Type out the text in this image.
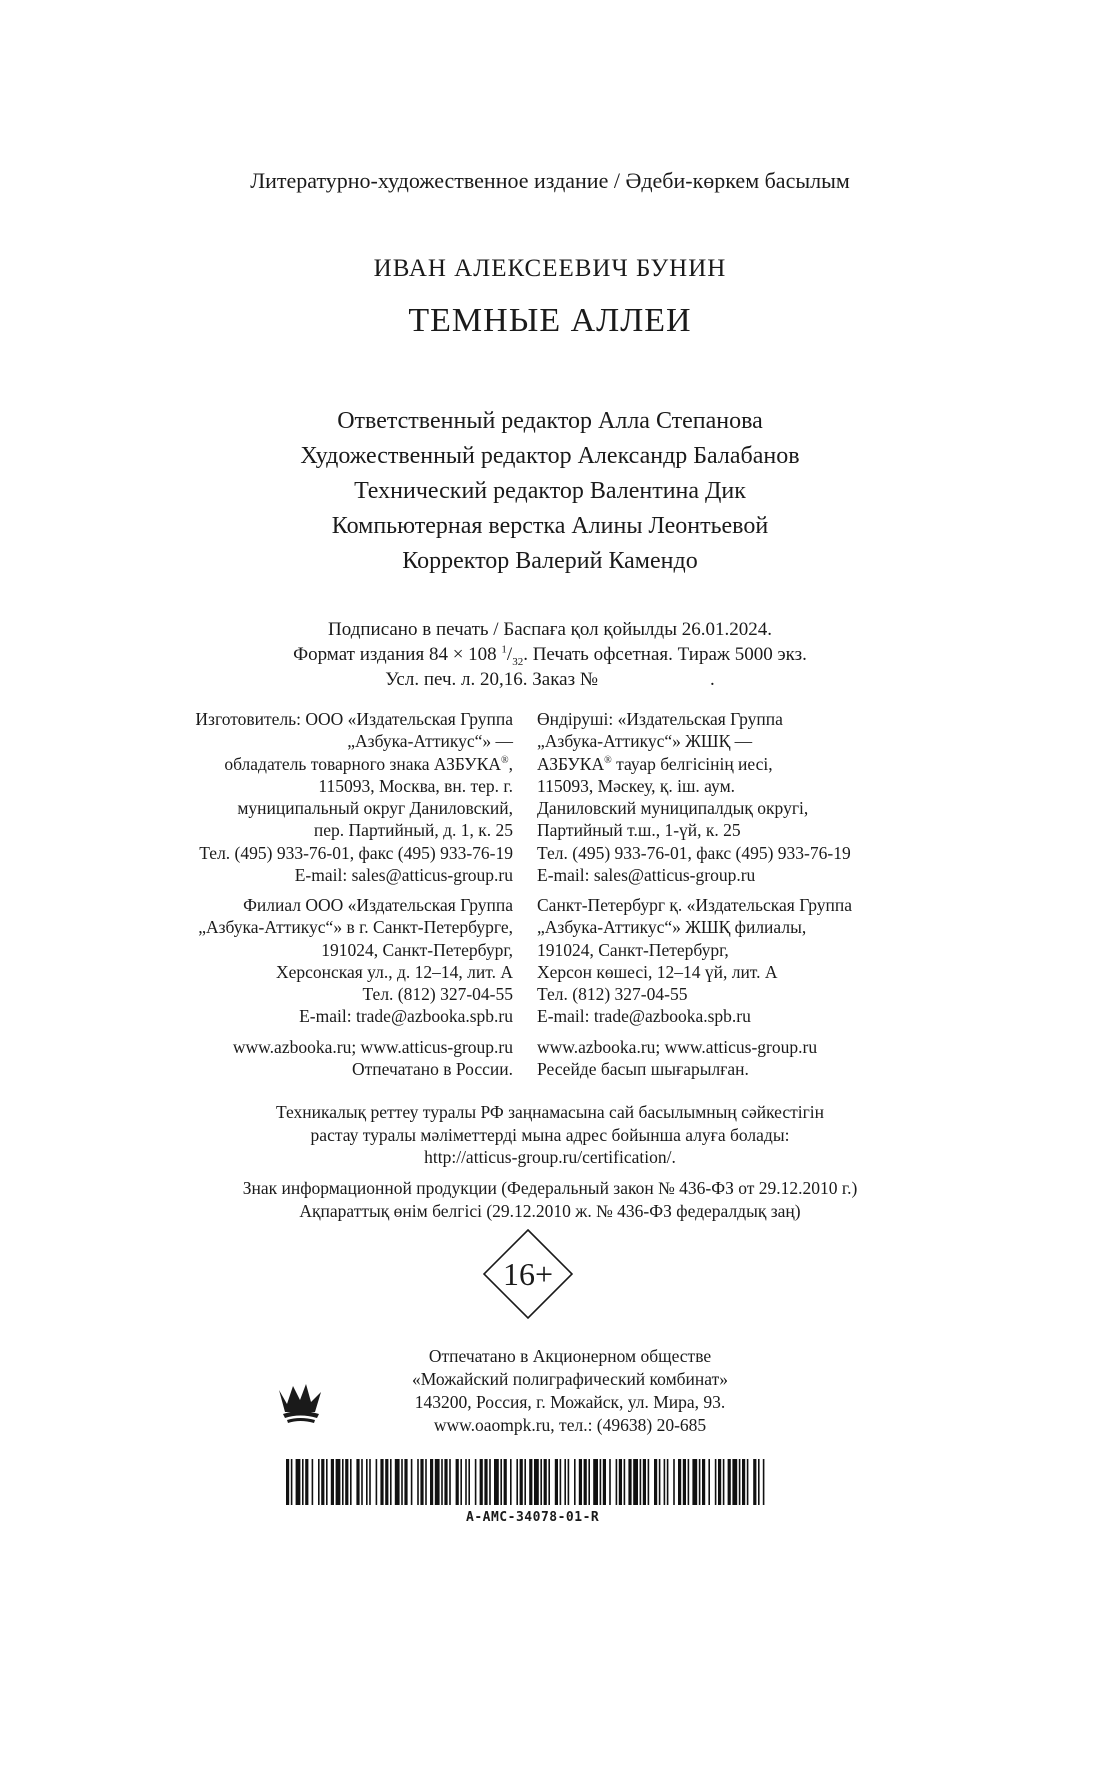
Литературно-художественное издание / Әдеби-көркем басылым
ИВАН АЛЕКСЕЕВИЧ БУНИН
ТЕМНЫЕ АЛЛЕИ
Ответственный редактор Алла Степанова
Художественный редактор Александр Балабанов
Технический редактор Валентина Дик
Компьютерная верстка Алины Леонтьевой
Корректор Валерий Камендо
Подписано в печать / Баспаға қол қойылды 26.01.2024.
Формат издания 84 × 108 $^1/_{32}$. Печать офсетная. Тираж 5000 экз.
Усл. печ. л. 20,16. Заказ №	.

Изготовитель: ООО «Издательская Группа

„Азбука-Аттикус“» —

обладатель товарного знака АЗБУКА®,

115093, Москва, вн. тер. г.

муниципальный округ Даниловский,

пер. Партийный, д. 1, к. 25

Тел. (495) 933-76-01, факс (495) 933-76-19

E-mail: sales@atticus-group.ru

Өндіруші: «Издательская Группа

„Азбука-Аттикус“» ЖШҚ —

АЗБУКА® тауар белгісінің иесі,

115093, Мәскеу, қ. іш. аум.

Даниловский муниципалдық округі,

Партийный т.ш., 1-үй, к. 25

Тел. (495) 933-76-01, факс (495) 933-76-19

E-mail: sales@atticus-group.ru

Филиал ООО «Издательская Группа

„Азбука-Аттикус“» в г. Санкт-Петербурге,

191024, Санкт-Петербург,

Херсонская ул., д. 12–14, лит. А

Тел. (812) 327-04-55

E-mail: trade@azbooka.spb.ru

Санкт-Петербург қ. «Издательская Группа

„Азбука-Аттикус“» ЖШҚ филиалы,

191024, Санкт-Петербург,

Херсон көшесі, 12–14 үй, лит. А

Тел. (812) 327-04-55

E-mail: trade@azbooka.spb.ru

www.azbooka.ru; www.atticus-group.ru

Отпечатано в России.

www.azbooka.ru; www.atticus-group.ru

Ресейде басып шығарылған.

Техникалық реттеу туралы РФ заңнамасына сай басылымның сәйкестігін
растау туралы мәліметтерді мына адрес бойынша алуға болады:
http://atticus-group.ru/certification/.
Знак информационной продукции (Федеральный закон № 436-ФЗ от 29.12.2010 г.)
Ақпараттық өнім белгісі (29.12.2010 ж. № 436-ФЗ федералдық заң)
16+
Отпечатано в Акционерном обществе
«Можайский полиграфический комбинат»
143200, Россия, г. Можайск, ул. Мира, 93.
www.oaompk.ru, тел.: (49638) 20-685
A-AMC-34078-01-R
